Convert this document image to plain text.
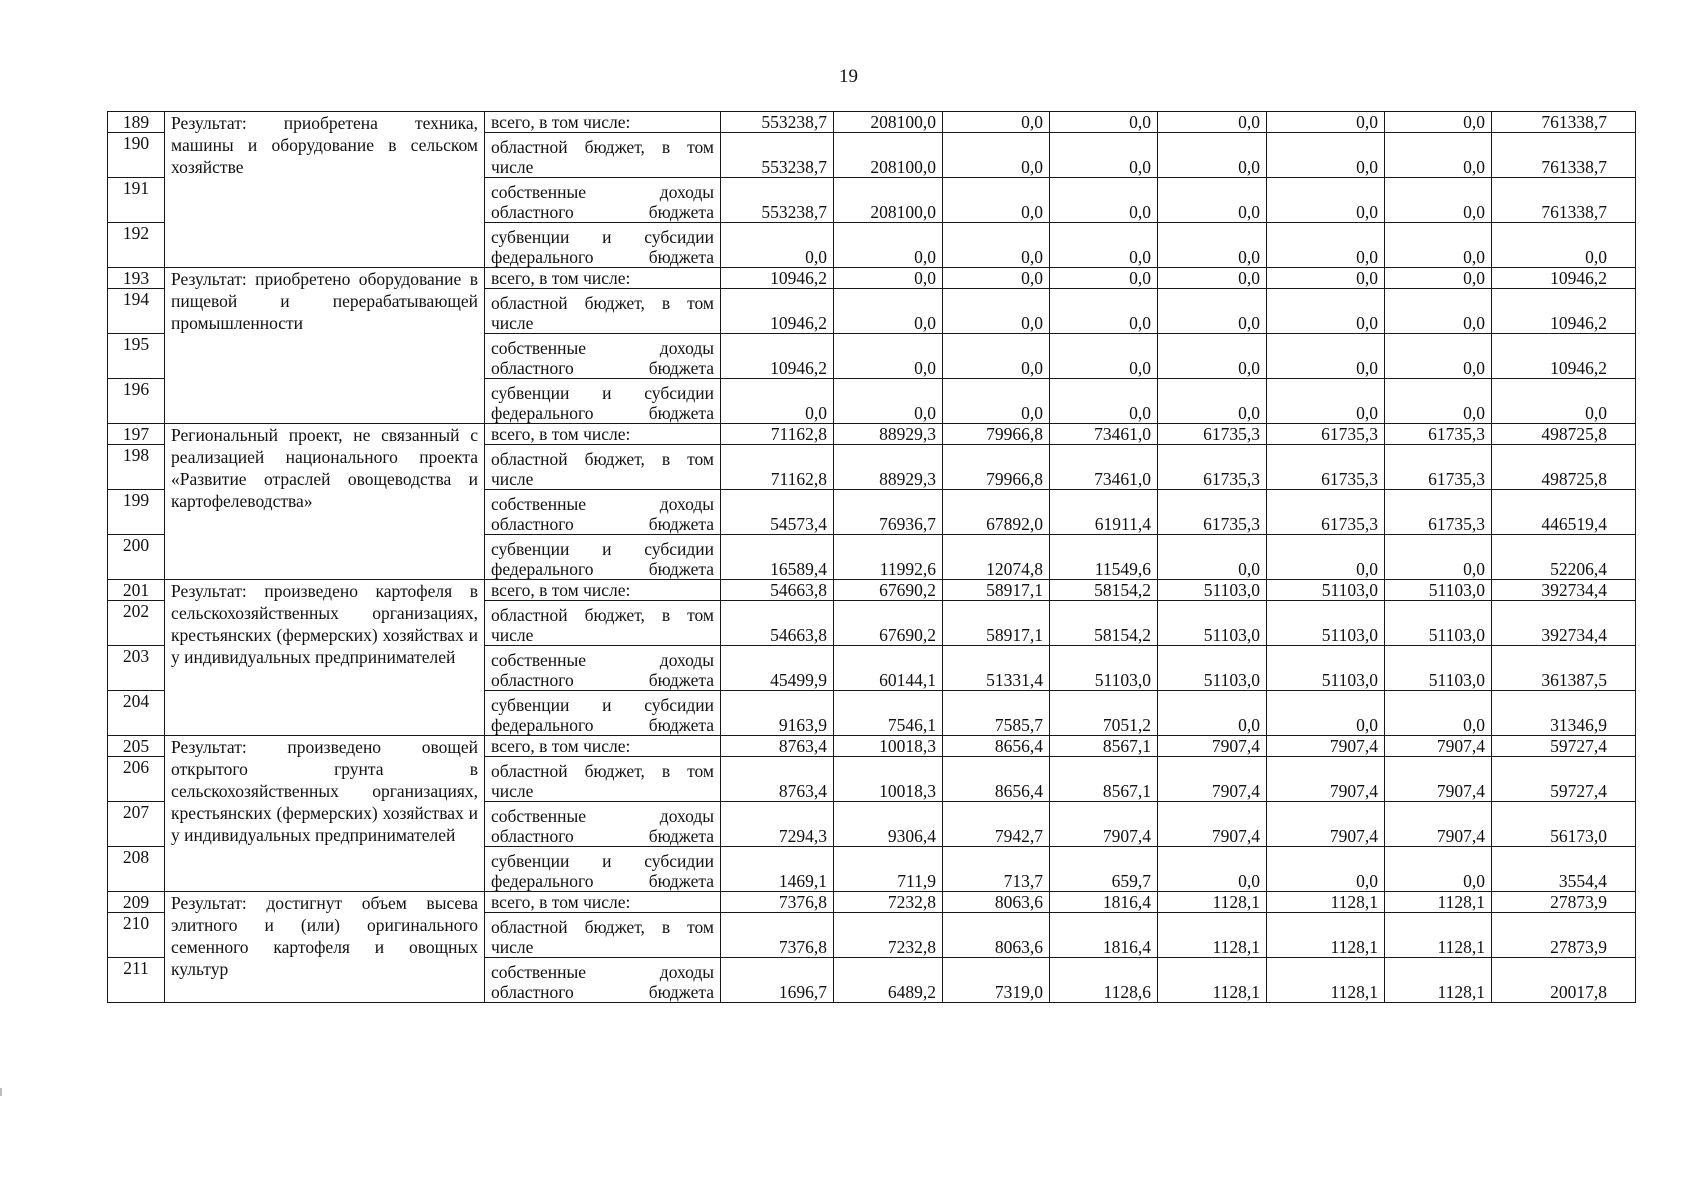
19
189	Результат: приобретена техника, машины и оборудование в сельском хозяйстве	всего, в том числе:	553238,7	208100,0	0,0	0,0	0,0	0,0	0,0	761338,7
190		областной бюджет, в том числе	553238,7	208100,0	0,0	0,0	0,0	0,0	0,0	761338,7
191		собственные доходы областного бюджета	553238,7	208100,0	0,0	0,0	0,0	0,0	0,0	761338,7
192		субвенции и субсидии федерального бюджета	0,0	0,0	0,0	0,0	0,0	0,0	0,0	0,0
193	Результат: приобретено оборудование в пищевой и перерабатывающей промышленности	всего, в том числе:	10946,2	0,0	0,0	0,0	0,0	0,0	0,0	10946,2
194		областной бюджет, в том числе	10946,2	0,0	0,0	0,0	0,0	0,0	0,0	10946,2
195		собственные доходы областного бюджета	10946,2	0,0	0,0	0,0	0,0	0,0	0,0	10946,2
196		субвенции и субсидии федерального бюджета	0,0	0,0	0,0	0,0	0,0	0,0	0,0	0,0
197	Региональный проект, не связанный с реализацией национального проекта «Развитие отраслей овощеводства и картофелеводства»	всего, в том числе:	71162,8	88929,3	79966,8	73461,0	61735,3	61735,3	61735,3	498725,8
198		областной бюджет, в том числе	71162,8	88929,3	79966,8	73461,0	61735,3	61735,3	61735,3	498725,8
199		собственные доходы областного бюджета	54573,4	76936,7	67892,0	61911,4	61735,3	61735,3	61735,3	446519,4
200		субвенции и субсидии федерального бюджета	16589,4	11992,6	12074,8	11549,6	0,0	0,0	0,0	52206,4
201	Результат: произведено картофеля в сельскохозяйственных организациях, крестьянских (фермерских) хозяйствах и у индивидуальных предпринимателей	всего, в том числе:	54663,8	67690,2	58917,1	58154,2	51103,0	51103,0	51103,0	392734,4
202		областной бюджет, в том числе	54663,8	67690,2	58917,1	58154,2	51103,0	51103,0	51103,0	392734,4
203		собственные доходы областного бюджета	45499,9	60144,1	51331,4	51103,0	51103,0	51103,0	51103,0	361387,5
204		субвенции и субсидии федерального бюджета	9163,9	7546,1	7585,7	7051,2	0,0	0,0	0,0	31346,9
205	Результат: произведено овощей открытого грунта в сельскохозяйственных организациях, крестьянских (фермерских) хозяйствах и у индивидуальных предпринимателей	всего, в том числе:	8763,4	10018,3	8656,4	8567,1	7907,4	7907,4	7907,4	59727,4
206		областной бюджет, в том числе	8763,4	10018,3	8656,4	8567,1	7907,4	7907,4	7907,4	59727,4
207		собственные доходы областного бюджета	7294,3	9306,4	7942,7	7907,4	7907,4	7907,4	7907,4	56173,0
208		субвенции и субсидии федерального бюджета	1469,1	711,9	713,7	659,7	0,0	0,0	0,0	3554,4
209	Результат: достигнут объем высева элитного и (или) оригинального семенного картофеля и овощных культур	всего, в том числе:	7376,8	7232,8	8063,6	1816,4	1128,1	1128,1	1128,1	27873,9
210		областной бюджет, в том числе	7376,8	7232,8	8063,6	1816,4	1128,1	1128,1	1128,1	27873,9
211		собственные доходы областного бюджета	1696,7	6489,2	7319,0	1128,6	1128,1	1128,1	1128,1	20017,8
